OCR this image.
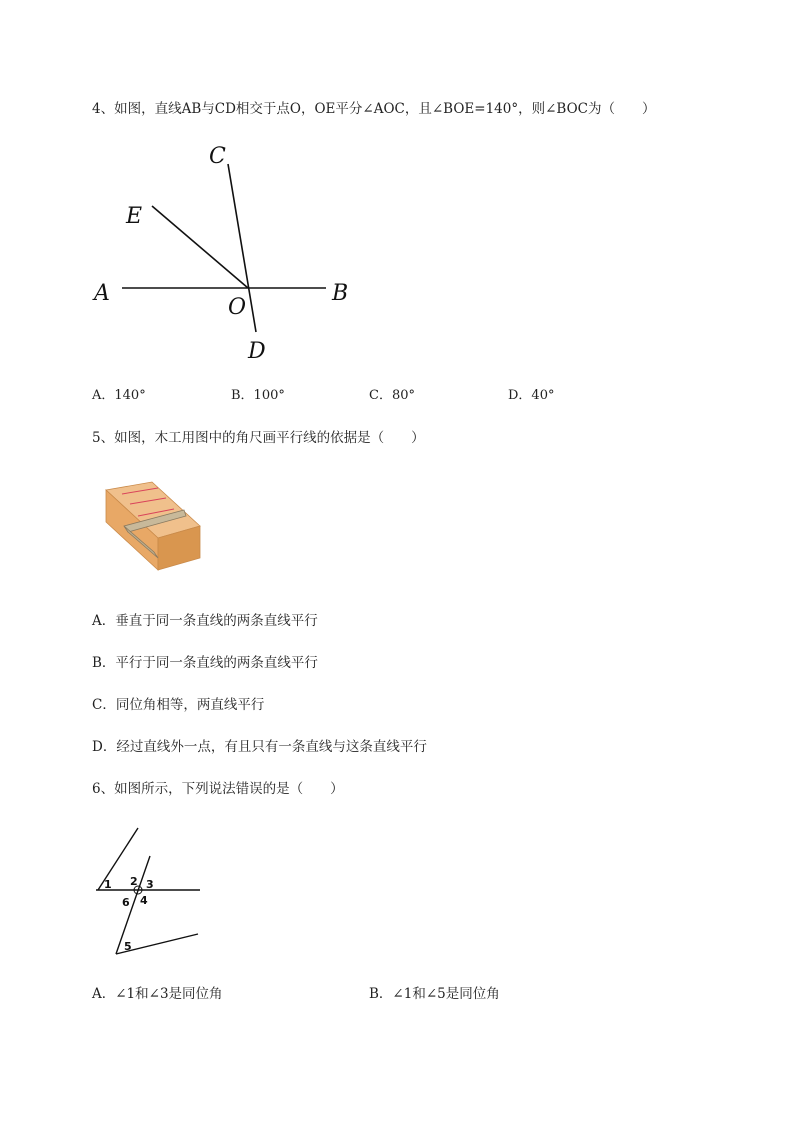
4、如图，直线AB与CD相交于点O，OE平分∠AOC，且∠BOE=140°，则∠BOC为（　　）
C
E
A	B
O
D
A．140°	B．100°	C．80°	D．40°
5、如图，木工用图中的角尺画平行线的依据是（　　）
A．垂直于同一条直线的两条直线平行
B．平行于同一条直线的两条直线平行
C．同位角相等，两直线平行
D．经过直线外一点，有且只有一条直线与这条直线平行
6、如图所示，下列说法错误的是（　　）
1 2 3
4
5
6
A．∠1和∠3是同位角	B．∠1和∠5是同位角
